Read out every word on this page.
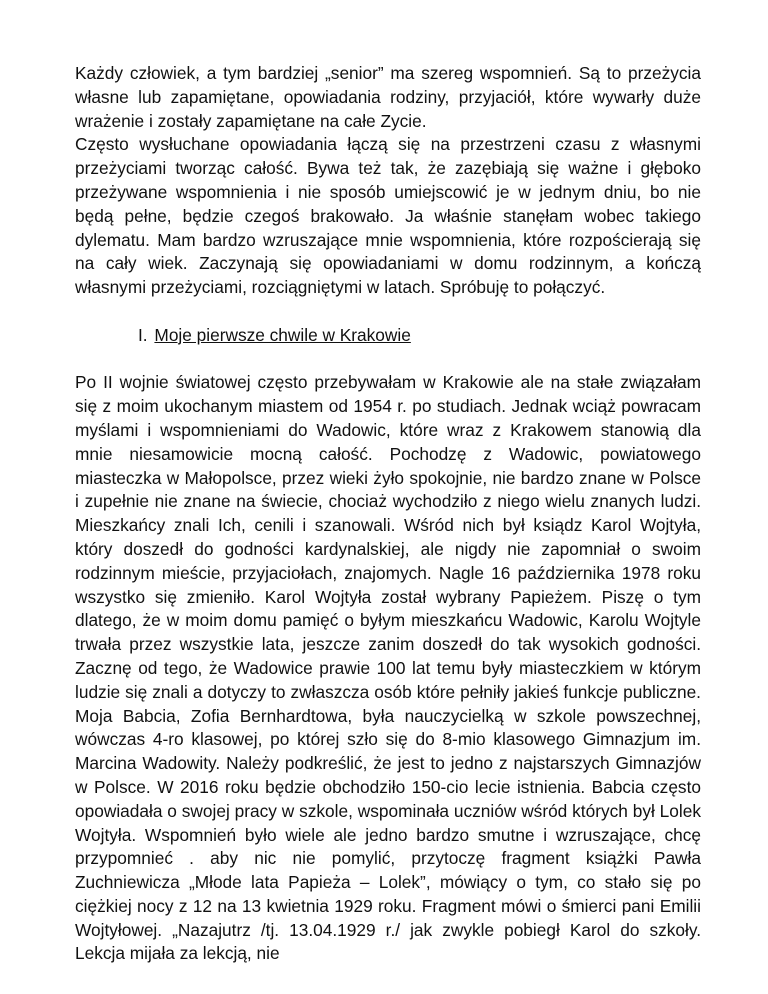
Każdy człowiek, a tym bardziej „senior” ma szereg wspomnień. Są to przeżycia własne lub zapamiętane, opowiadania rodziny, przyjaciół, które wywarły duże wrażenie i zostały zapamiętane na całe Zycie.

Często wysłuchane opowiadania łączą się na przestrzeni czasu z własnymi przeżyciami tworząc całość. Bywa też tak, że zazębiają się ważne i głęboko przeżywane wspomnienia i nie sposób umiejscowić je w jednym dniu, bo nie będą pełne, będzie czegoś brakowało. Ja właśnie stanęłam wobec takiego dylematu. Mam bardzo wzruszające mnie wspomnienia, które rozpościerają się na cały wiek. Zaczynają się opowiadaniami w domu rodzinnym, a kończą własnymi przeżyciami, rozciągniętymi w latach. Spróbuję to połączyć.

I. Moje pierwsze chwile w Krakowie

Po II wojnie światowej często przebywałam w Krakowie ale na stałe związałam się z moim ukochanym miastem od 1954 r. po studiach. Jednak wciąż powracam myślami i wspomnieniami do Wadowic, które wraz z Krakowem stanowią dla mnie niesamowicie mocną całość. Pochodzę z Wadowic, powiatowego miasteczka w Małopolsce, przez wieki żyło spokojnie, nie bardzo znane w Polsce i zupełnie nie znane na świecie, chociaż wychodziło z niego wielu znanych ludzi. Mieszkańcy znali Ich, cenili i szanowali. Wśród nich był ksiądz Karol Wojtyła, który doszedł do godności kardynalskiej, ale nigdy nie zapomniał o swoim rodzinnym mieście, przyjaciołach, znajomych. Nagle 16 października 1978 roku wszystko się zmieniło. Karol Wojtyła został wybrany Papieżem. Piszę o tym dlatego, że w moim domu pamięć o byłym mieszkańcu Wadowic, Karolu Wojtyle trwała przez wszystkie lata, jeszcze zanim doszedł do tak wysokich godności. Zacznę od tego, że Wadowice prawie 100 lat temu były miasteczkiem w którym ludzie się znali a dotyczy to zwłaszcza osób które pełniły jakieś funkcje publiczne. Moja Babcia, Zofia Bernhardtowa, była nauczycielką w szkole powszechnej, wówczas 4-ro klasowej, po której szło się do 8-mio klasowego Gimnazjum im. Marcina Wadowity. Należy podkreślić, że jest to jedno z najstarszych Gimnazjów w Polsce. W 2016 roku będzie obchodziło 150-cio lecie istnienia. Babcia często opowiadała o swojej pracy w szkole, wspominała uczniów wśród których był Lolek Wojtyła. Wspomnień było wiele ale jedno bardzo smutne i wzruszające, chcę przypomnieć . aby nic nie pomylić, przytoczę fragment książki Pawła Zuchniewicza „Młode lata Papieża – Lolek”, mówiący o tym, co stało się po ciężkiej nocy z 12 na 13 kwietnia 1929 roku. Fragment mówi o śmierci pani Emilii Wojtyłowej. „Nazajutrz /tj. 13.04.1929 r./ jak zwykle pobiegł Karol do szkoły. Lekcja mijała za lekcją, nie
